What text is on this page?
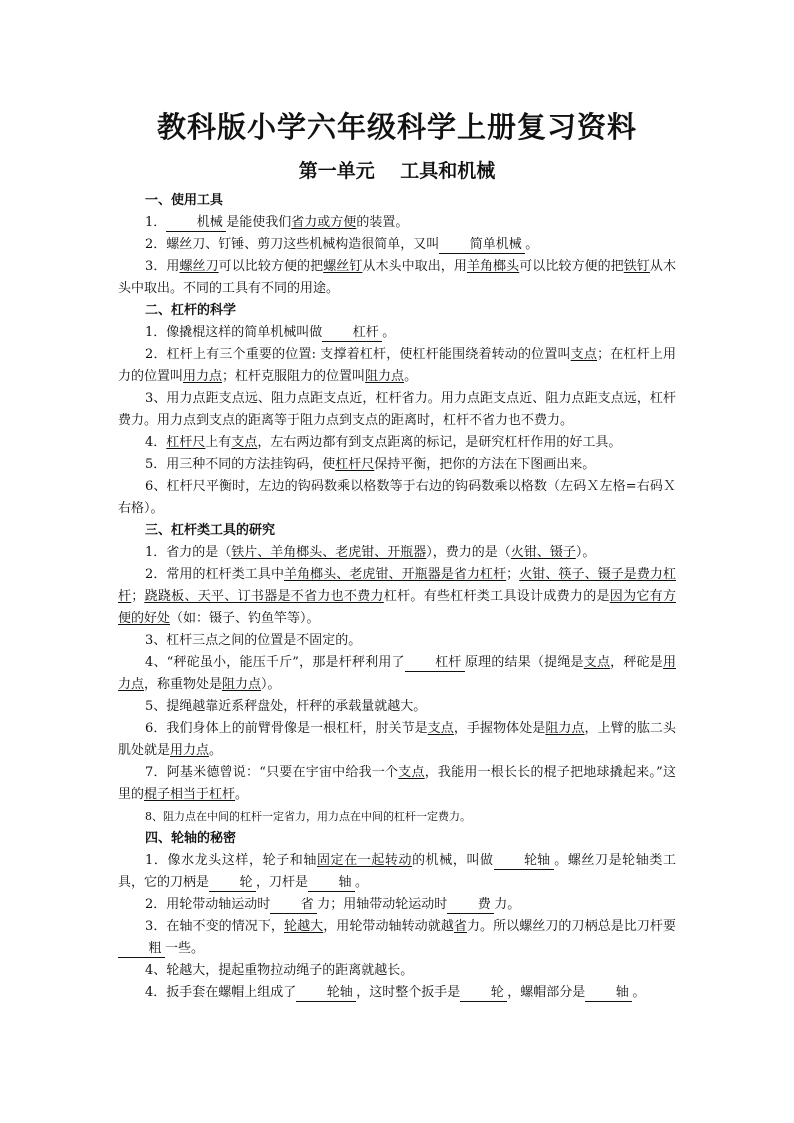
教科版小学六年级科学上册复习资料
第一单元　 工具和机械

一、使用工具

1． 机械 是能使我们省力或方便的装置。

2．螺丝刀、钉锤、剪刀这些机械构造很简单，又叫 简单机械 。

3．用螺丝刀可以比较方便的把螺丝钉从木头中取出，用羊角榔头可以比较方便的把铁钉从木头中取出。不同的工具有不同的用途。

二、杠杆的科学

1．像撬棍这样的简单机械叫做 杠杆 。

2．杠杆上有三个重要的位置: 支撑着杠杆，使杠杆能围绕着转动的位置叫支点；在杠杆上用力的位置叫用力点；杠杆克服阻力的位置叫阻力点。

3、用力点距支点远、阻力点距支点近，杠杆省力。用力点距支点近、阻力点距支点远，杠杆费力。用力点到支点的距离等于阻力点到支点的距离时，杠杆不省力也不费力。

4．杠杆尺上有支点，左右两边都有到支点距离的标记，是研究杠杆作用的好工具。

5．用三种不同的方法挂钩码，使杠杆尺保持平衡，把你的方法在下图画出来。

6、杠杆尺平衡时，左边的钩码数乘以格数等于右边的钩码数乘以格数（左码Ｘ左格=右码Ｘ右格）。

三、杠杆类工具的研究

1．省力的是（铁片、羊角榔头、老虎钳、开瓶器），费力的是（火钳、镊子）。

2．常用的杠杆类工具中羊角榔头、老虎钳、开瓶器是省力杠杆；火钳、筷子、镊子是费力杠杆；跷跷板、天平、订书器是不省力也不费力杠杆。有些杠杆类工具设计成费力的是因为它有方便的好处（如：镊子、钓鱼竿等）。

3、杠杆三点之间的位置是不固定的。

4、“秤砣虽小，能压千斤”，那是杆秤利用了 杠杆 原理的结果（提绳是支点，秤砣是用力点，称重物处是阻力点）。

5、提绳越靠近系秤盘处，杆秤的承载量就越大。

6．我们身体上的前臂骨像是一根杠杆，肘关节是支点，手握物体处是阻力点，上臂的肱二头肌处就是用力点。

7．阿基米德曾说：“只要在宇宙中给我一个支点，我能用一根长长的棍子把地球撬起来。”这里的棍子相当于杠杆。

8、阻力点在中间的杠杆一定省力，用力点在中间的杠杆一定费力。

四、轮轴的秘密

1．像水龙头这样，轮子和轴固定在一起转动的机械，叫做 轮轴 。螺丝刀是轮轴类工具，它的刀柄是 轮 ，刀杆是 轴 。

2．用轮带动轴运动时 省 力；用轴带动轮运动时 费 力。

3．在轴不变的情况下，轮越大，用轮带动轴转动就越省力。所以螺丝刀的刀柄总是比刀杆要粗 一些。

4、轮越大，提起重物拉动绳子的距离就越长。

4．扳手套在螺帽上组成了 轮轴 ，这时整个扳手是 轮 ，螺帽部分是 轴 。
